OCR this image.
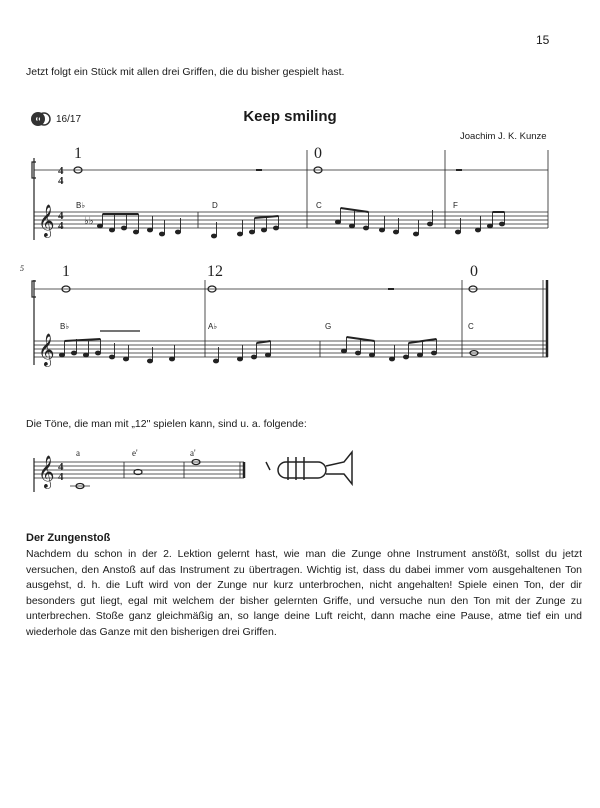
15
Jetzt folgt ein Stück mit allen drei Griffen, die du bisher gespielt hast.
16/17	Keep smiling
Joachim J. K. Kunze
𝄞
𝄞
4
4
4
4 ♭♭
1	0
1	12	0
5
B♭	D	C	F
B♭	A♭	G	C
Die Töne, die man mit „12" spielen kann, sind u. a. folgende:
𝄞 4
4
a	e'	a'
Der Zungenstoß
Nachdem du schon in der 2. Lektion gelernt hast, wie man die Zunge ohne Instrument anstößt, sollst du jetzt versuchen, den Anstoß auf das Instrument zu übertragen. Wichtig ist, dass du dabei immer vom ausgehaltenen Ton ausgehst, d. h. die Luft wird von der Zunge nur kurz unterbrochen, nicht angehalten! Spiele einen Ton, der dir besonders gut liegt, egal mit welchem der bisher gelernten Griffe, und versuche nun den Ton mit der Zunge zu unterbrechen. Stoße ganz gleichmäßig an, so lange deine Luft reicht, dann mache eine Pause, atme tief ein und wiederhole das Ganze mit den bisherigen drei Griffen.
